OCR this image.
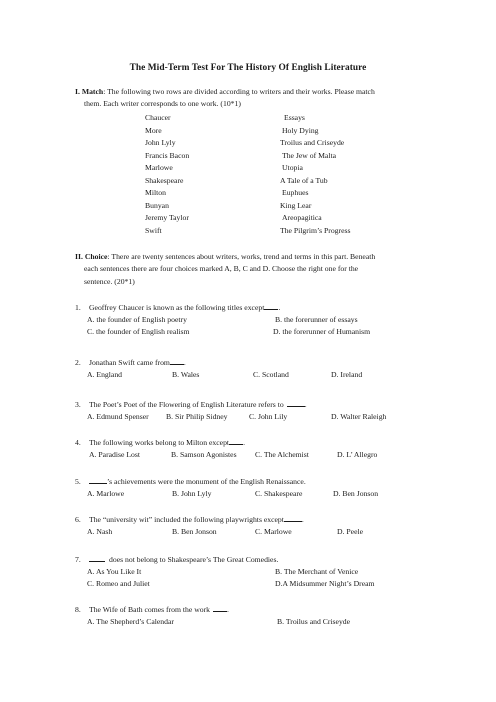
The Mid-Term Test For The History Of English Literature
I. Match: The following two rows are divided according to writers and their works. Please match
them. Each writer corresponds to one work. (10*1)
Chaucer	Essays
More	Holy Dying
John Lyly	Troilus and Criseyde
Francis Bacon	The Jew of Malta
Marlowe	Utopia
Shakespeare	A Tale of a Tub
Milton	Euphues
Bunyan	King Lear
Jeremy Taylor	Areopagitica
Swift	The Pilgrim’s Progress
II. Choice: There are twenty sentences about writers, works, trend and terms in this part. Beneath
each sentences there are four choices marked A, B, C and D. Choose the right one for the
sentence. (20*1)
1. Geoffrey Chaucer is known as the following titles except .
A. the founder of English poetry	B. the forerunner of essays
C. the founder of English realism	D. the forerunner of Humanism
2. Jonathan Swift came from .
A. England	B. Wales	C. Scotland	D. Ireland
3. The Poet’s Poet of the Flowering of English Literature refers to	.
A. Edmund Spenser B. Sir Philip Sidney	C. John Lily	D. Walter Raleigh
4. The following works belong to Milton except .
A. Paradise Lost	B. Samson Agonistes C. The Alchemist	D. L’ Allegro
5.	’s achievements were the monument of the English Renaissance.
A. Marlowe	B. John Lyly	C. Shakespeare	D. Ben Jonson
6. The “university wit” included the following playwrights except .
A. Nash	B. Ben Jonson	C. Marlowe	D. Peele
7.	does not belong to Shakespeare’s The Great Comedies.
A. As You Like It	B. The Merchant of Venice
C. Romeo and Juliet	D.A Midsummer Night’s Dream
8. The Wife of Bath comes from the work .
A. The Shepherd’s Calendar	B. Troilus and Criseyde
